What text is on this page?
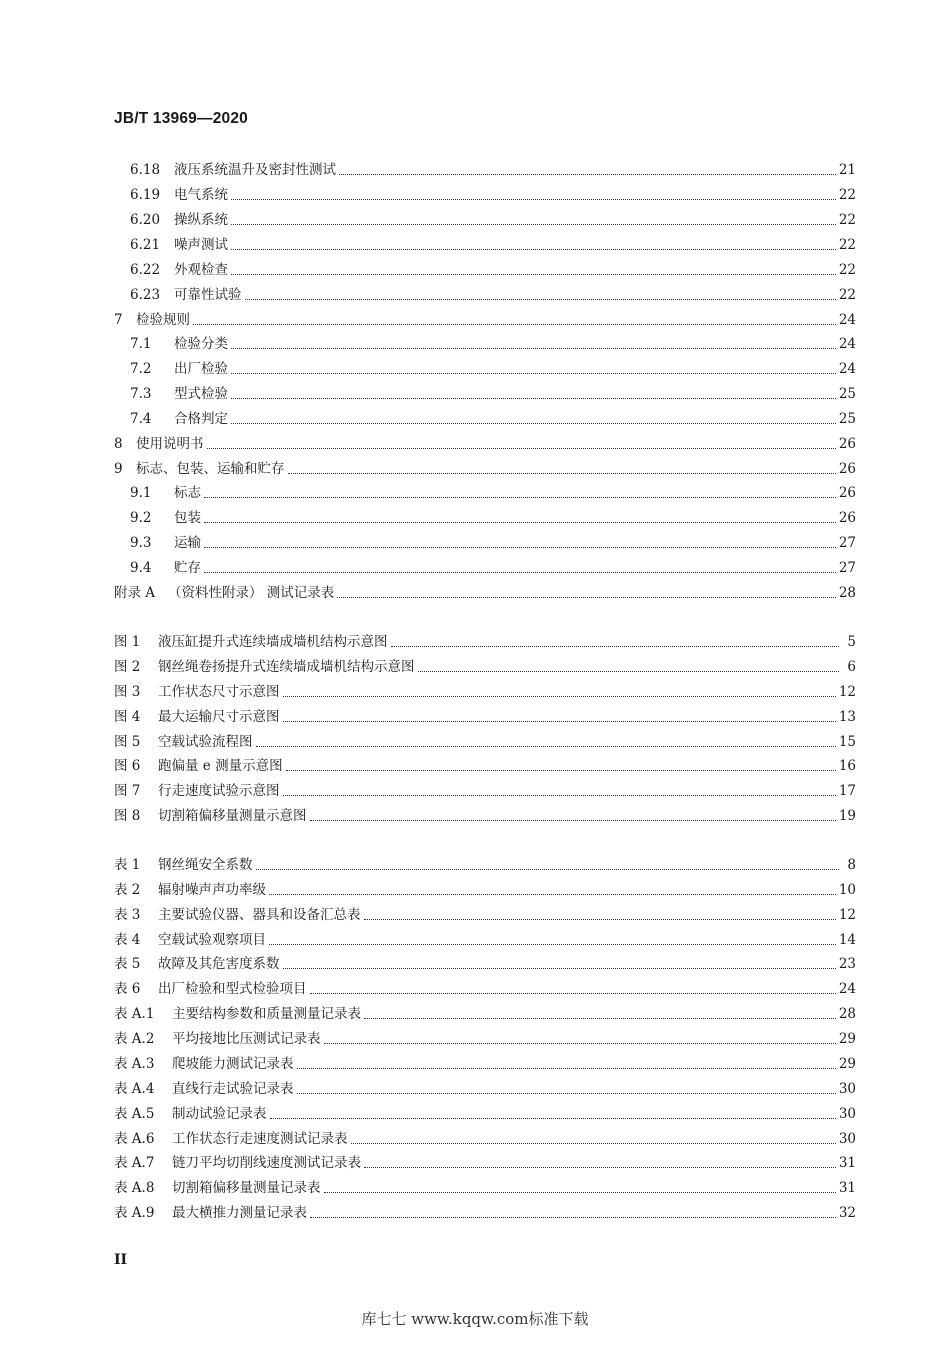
JB/T 13969—2020
6.18	液压系统温升及密封性测试	21
6.19	电气系统	22
6.20	操纵系统	22
6.21	噪声测试	22
6.22	外观检查	22
6.23	可靠性试验	22
7 检验规则	24
7.1	检验分类	24
7.2	出厂检验	24
7.3	型式检验	25
7.4	合格判定	25
8 使用说明书	26
9 标志、包装、运输和贮存	26
9.1	标志	26
9.2	包装	26
9.3	运输	27
9.4	贮存	27
附录 A （资料性附录） 测试记录表	28
图 1	液压缸提升式连续墙成墙机结构示意图	5
图 2	钢丝绳卷扬提升式连续墙成墙机结构示意图	6
图 3	工作状态尺寸示意图	12
图 4	最大运输尺寸示意图	13
图 5	空载试验流程图	15
图 6	跑偏量 e 测量示意图	16
图 7	行走速度试验示意图	17
图 8	切割箱偏移量测量示意图	19
表 1	钢丝绳安全系数	8
表 2	辐射噪声声功率级	10
表 3	主要试验仪器、器具和设备汇总表	12
表 4	空载试验观察项目	14
表 5	故障及其危害度系数	23
表 6	出厂检验和型式检验项目	24
表 A.1	主要结构参数和质量测量记录表	28
表 A.2	平均接地比压测试记录表	29
表 A.3	爬坡能力测试记录表	29
表 A.4	直线行走试验记录表	30
表 A.5	制动试验记录表	30
表 A.6	工作状态行走速度测试记录表	30
表 A.7	链刀平均切削线速度测试记录表	31
表 A.8	切割箱偏移量测量记录表	31
表 A.9	最大横推力测量记录表	32
II
库七七 www.kqqw.com标准下载
